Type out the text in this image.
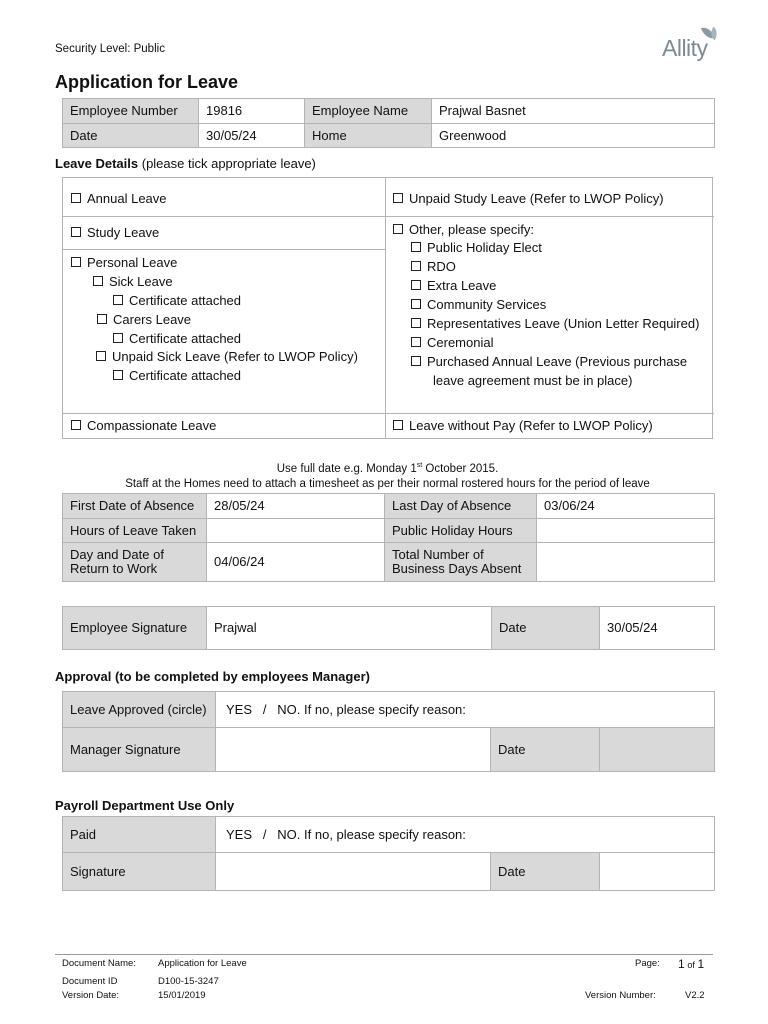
Security Level: Public	Allity
Application for Leave
Employee Number	19816	Employee Name	Prajwal Basnet
Date	30/05/24	Home	Greenwood
Leave Details (please tick appropriate leave)
Annual Leave	Unpaid Study Leave (Refer to LWOP Policy)
Study Leave	Other, please specify:
Public Holiday Elect
RDO
Extra Leave
Community Services
Representatives Leave (Union Letter Required)
Ceremonial
Purchased Annual Leave (Previous purchase
leave agreement must be in place)
Personal Leave
Sick Leave
Certificate attached
Carers Leave
Certificate attached
Unpaid Sick Leave (Refer to LWOP Policy)
Certificate attached
Compassionate Leave	Leave without Pay (Refer to LWOP Policy)
Use full date e.g. Monday 1st October 2015.
Staff at the Homes need to attach a timesheet as per their normal rostered hours for the period of leave
First Date of Absence	28/05/24	Last Day of Absence	03/06/24
Hours of Leave Taken		Public Holiday Hours	
Day and Date of
Return to Work	04/06/24	Total Number of
Business Days Absent	
Employee Signature	Prajwal	Date	30/05/24
Approval (to be completed by employees Manager)
Leave Approved (circle)	YES   /   NO. If no, please specify reason:		
Manager Signature		Date	
Payroll Department Use Only
Paid	YES   /   NO. If no, please specify reason:		
Signature		Date	
Document Name: Application for Leave
Document ID	D100-15-3247
Version Date:	15/01/2019
Page: 1 of 1
Version Number:	V2.2
